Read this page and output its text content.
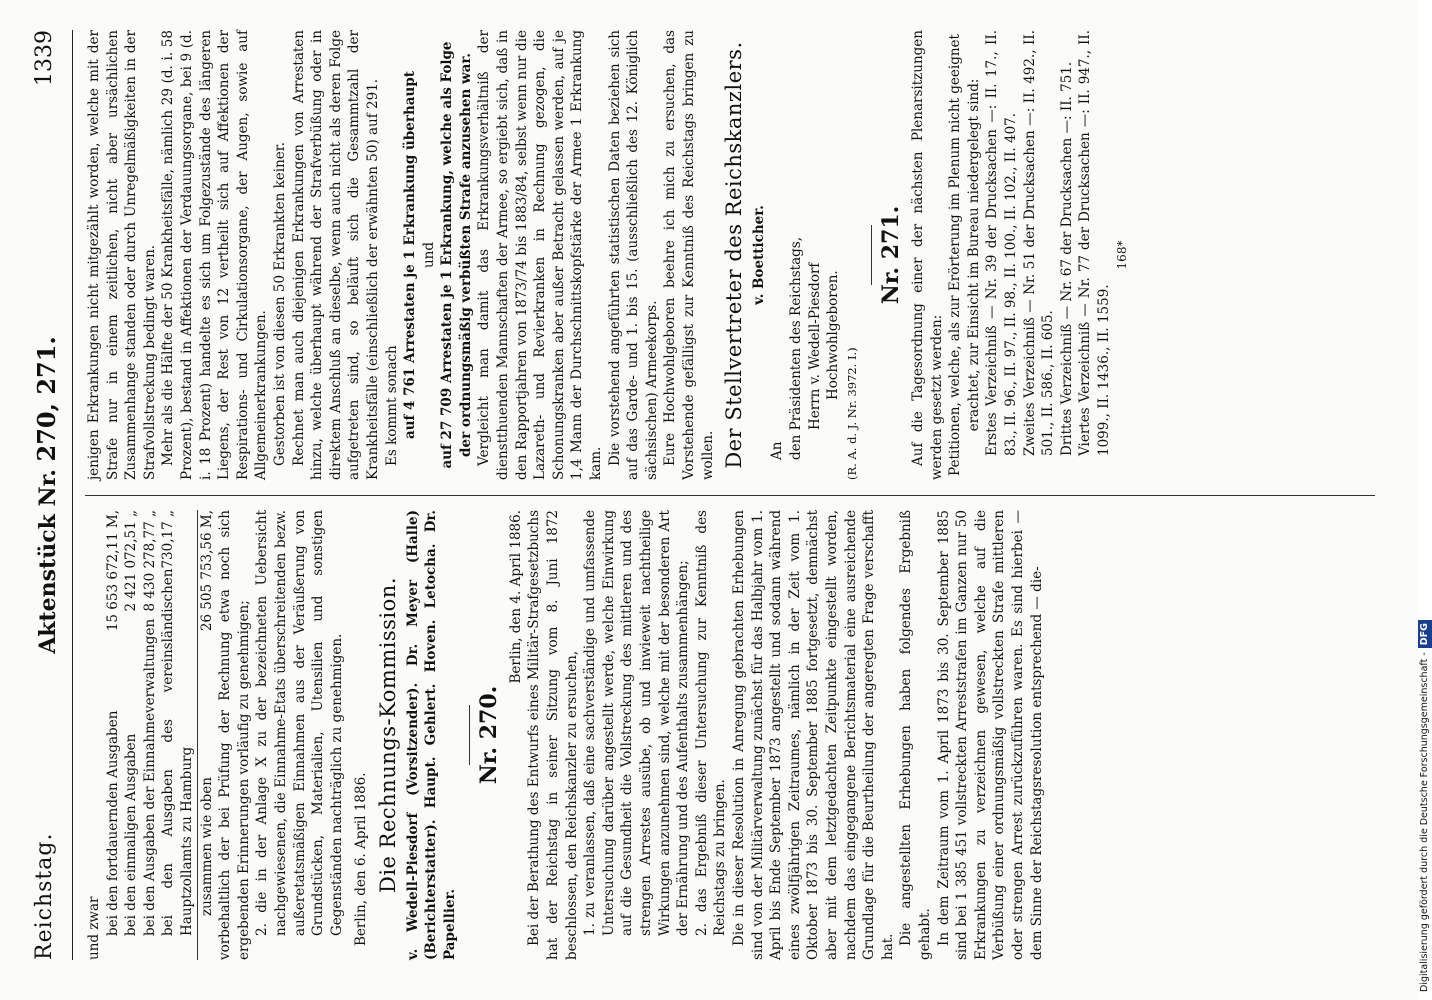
Reichstag.
Aktenstück Nr. 270, 271.
1339

und zwar bei den fortdauernden Ausgaben
15 653 672,11 M,
bei den einmaligen Ausgaben
2 421 072,51 „
bei den Ausgaben der Einnahmeverwaltungen
8 430 278,77 „
bei den Ausgaben des vereinsländischen Hauptzollamts zu Hamburg
730,17 „
zusammen wie oben
26 505 753,56 M, vorbehaltlich der bei Prüfung der Rechnung etwa noch sich ergebenden Erinnerungen vorläufig zu genehmigen; 2. die in der Anlage X zu der bezeichneten Uebersicht nachgewiesenen, die Einnahme-Etats überschreitenden bezw. außeretatsmäßigen Einnahmen aus der Veräußerung von Grundstücken, Materialien, Utensilien und sonstigen Gegenständen nachträglich zu genehmigen. Berlin, den 6. April 1886. Die Rechnungs-Kommission. v. Wedell-Piesdorf (Vorsitzender). Dr. Meyer (Halle) (Berichterstatter). Haupt. Gehlert. Hoven. Letocha. Dr. Papellier.

Nr. 270.

Berlin, den 4. April 1886. Bei der Berathung des Entwurfs eines Militär-Strafgesetzbuchs hat der Reichstag in seiner Sitzung vom 8. Juni 1872 beschlossen, den Reichskanzler zu ersuchen, 1. zu veranlassen, daß eine sachverständige und umfassende Untersuchung darüber angestellt werde, welche Einwirkung auf die Gesundheit die Vollstreckung des mittleren und des strengen Arrestes ausübe, ob und inwieweit nachtheilige Wirkungen anzunehmen sind, welche mit der besonderen Art der Ernährung und des Aufenthalts zusammenhängen; 2. das Ergebniß dieser Untersuchung zur Kenntniß des Reichstags zu bringen. Die in dieser Resolution in Anregung gebrachten Erhebungen sind von der Militärverwaltung zunächst für das Halbjahr vom 1. April bis Ende September 1873 angestellt und sodann während eines zwölfjährigen Zeitraumes, nämlich in der Zeit vom 1. Oktober 1873 bis 30. September 1885 fortgesetzt, demnächst aber mit dem letztgedachten Zeitpunkte eingestellt worden, nachdem das eingegangene Berichtsmaterial eine ausreichende Grundlage für die Beurtheilung der angeregten Frage verschafft hat.

Die angestellten Erhebungen haben folgendes Ergebniß gehabt. In dem Zeitraum vom 1. April 1873 bis 30. September 1885 sind bei 1 385 451 vollstreckten Arreststrafen im Ganzen nur 50 Erkrankungen zu verzeichnen gewesen, welche auf die Verbüßung einer ordnungsmäßig vollstreckten Strafe mittleren oder strengen Arrest zurückzuführen waren. Es sind hierbei — dem Sinne der Reichstagsresolution entsprechend — die-

jenigen Erkrankungen nicht mitgezählt worden, welche mit der Strafe nur in einem zeitlichen, nicht aber ursächlichen Zusammenhange standen oder durch Unregelmäßigkeiten in der Strafvollstreckung bedingt waren. Mehr als die Hälfte der 50 Krankheitsfälle, nämlich 29 (d. i. 58 Prozent), bestand in Affektionen der Verdauungsorgane, bei 9 (d. i. 18 Prozent) handelte es sich um Folgezustände des längeren Liegens, der Rest von 12 vertheilt sich auf Affektionen der Respirations- und Cirkulationsorgane, der Augen, sowie auf Allgemeinerkrankungen. Gestorben ist von diesen 50 Erkrankten keiner. Rechnet man auch diejenigen Erkrankungen von Arrestaten hinzu, welche überhaupt während der Strafverbüßung oder in direktem Anschluß an dieselbe, wenn auch nicht als deren Folge aufgetreten sind, so beläuft sich die Gesammtzahl der Krankheitsfälle (einschließlich der erwähnten 50) auf 291. Es kommt sonach auf 4 761 Arrestaten je 1 Erkrankung überhaupt und auf 27 709 Arrestaten je 1 Erkrankung, welche als Folge der ordnungsmäßig verbüßten Strafe anzusehen war. Vergleicht man damit das Erkrankungsverhältniß der dienstthuenden Mannschaften der Armee, so ergiebt sich, daß in den Rapportjahren von 1873/74 bis 1883/84, selbst wenn nur die Lazareth- und Revierkranken in Rechnung gezogen, die Schonungskranken aber außer Betracht gelassen werden, auf je 1,4 Mann der Durchschnittskopfstärke der Armee 1 Erkrankung kam. Die vorstehend angeführten statistischen Daten beziehen sich auf das Garde- und 1. bis 15. (ausschließlich des 12. Königlich sächsischen) Armeekorps. Eure Hochwohlgeboren beehre ich mich zu ersuchen, das Vorstehende gefälligst zur Kenntniß des Reichstags bringen zu wollen. Der Stellvertreter des Reichskanzlers. v. Boetticher.

An den Präsidenten des Reichstags, Herrn v. Wedell-Piesdorf Hochwohlgeboren.

(R. A. d. J. Nr. 3972. I.)

Nr. 271. Auf die Tagesordnung einer der nächsten Plenarsitzungen werden gesetzt werden: Petitionen, welche, als zur Erörterung im Plenum nicht geeignet erachtet, zur Einsicht im Bureau niedergelegt sind: Erstes Verzeichniß — Nr. 39 der Drucksachen —: II. 17., II. 83., II. 96., II. 97., II. 98., II. 100., II. 102., II. 407. Zweites Verzeichniß — Nr. 51 der Drucksachen —: II. 492., II. 501., II. 586., II. 605. Drittes Verzeichniß — Nr. 67 der Drucksachen —: II. 751. Viertes Verzeichniß — Nr. 77 der Drucksachen —: II. 947., II. 1099., II. 1436., II. 1559.

168*

Digitalisierung gefördert durch die Deutsche Forschungsgemeinschaft -DFG
